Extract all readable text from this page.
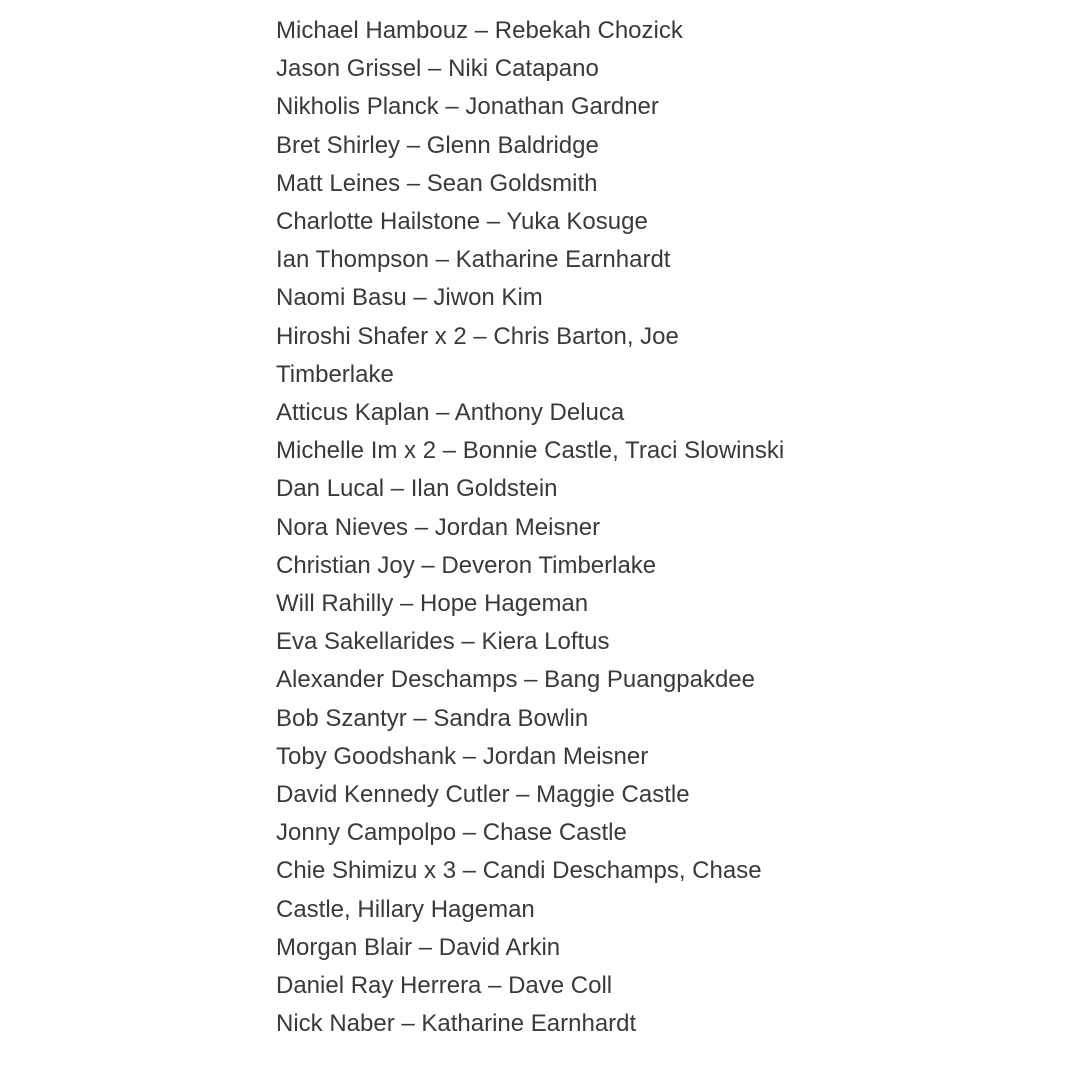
Michael Hambouz – Rebekah Chozick
Jason Grissel – Niki Catapano
Nikholis Planck – Jonathan Gardner
Bret Shirley – Glenn Baldridge
Matt Leines – Sean Goldsmith
Charlotte Hailstone – Yuka Kosuge
Ian Thompson – Katharine Earnhardt
Naomi Basu – Jiwon Kim
Hiroshi Shafer x 2 – Chris Barton, Joe Timberlake
Atticus Kaplan – Anthony Deluca
Michelle Im x 2 – Bonnie Castle, Traci Slowinski
Dan Lucal – Ilan Goldstein
Nora Nieves – Jordan Meisner
Christian Joy – Deveron Timberlake
Will Rahilly – Hope Hageman
Eva Sakellarides – Kiera Loftus
Alexander Deschamps – Bang Puangpakdee
Bob Szantyr – Sandra Bowlin
Toby Goodshank – Jordan Meisner
David Kennedy Cutler – Maggie Castle
Jonny Campolpo – Chase Castle
Chie Shimizu x 3 – Candi Deschamps, Chase Castle, Hillary Hageman
Morgan Blair – David Arkin
Daniel Ray Herrera – Dave Coll
Nick Naber – Katharine Earnhardt
